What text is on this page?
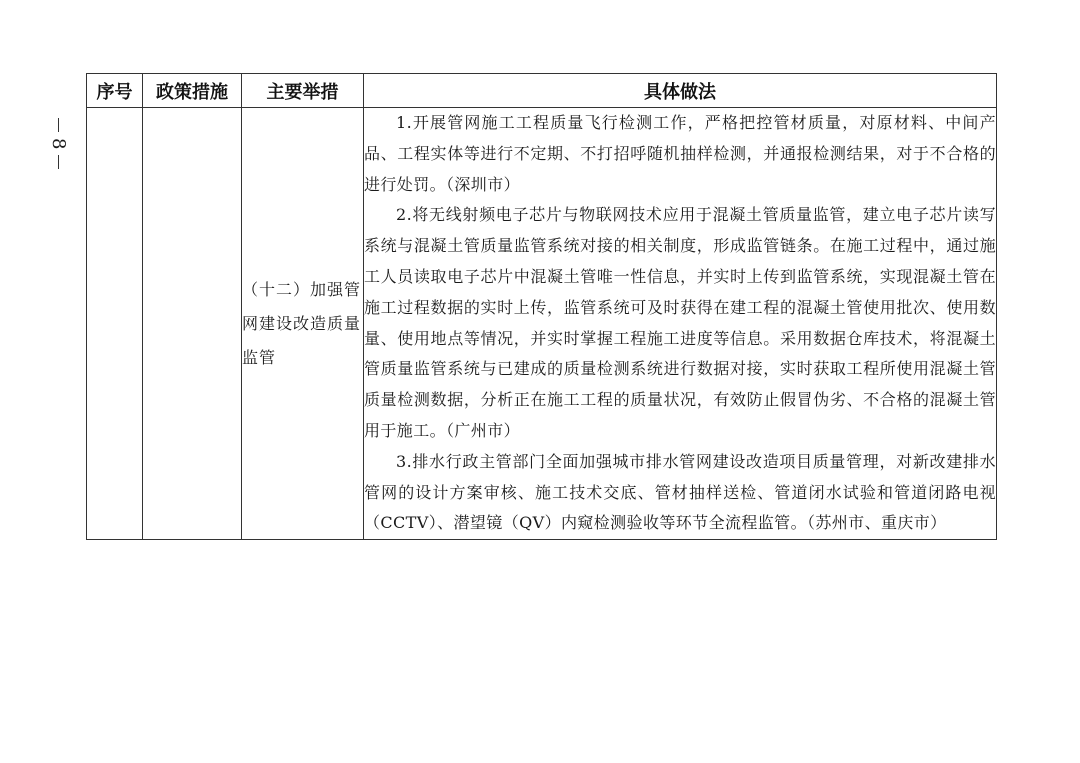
8
序号	政策措施	主要举措	具体做法
		（十二）加强管网建设改造质量监管	1.开展管网施工工程质量飞行检测工作，严格把控管材质量，对原材料、中间产品、工程实体等进行不定期、不打招呼随机抽样检测，并通报检测结果，对于不合格的进行处罚。（深圳市）

2.将无线射频电子芯片与物联网技术应用于混凝土管质量监管，建立电子芯片读写系统与混凝土管质量监管系统对接的相关制度，形成监管链条。在施工过程中，通过施工人员读取电子芯片中混凝土管唯一性信息，并实时上传到监管系统，实现混凝土管在施工过程数据的实时上传，监管系统可及时获得在建工程的混凝土管使用批次、使用数量、使用地点等情况，并实时掌握工程施工进度等信息。采用数据仓库技术，将混凝土管质量监管系统与已建成的质量检测系统进行数据对接，实时获取工程所使用混凝土管质量检测数据，分析正在施工工程的质量状况，有效防止假冒伪劣、不合格的混凝土管用于施工。（广州市）

3.排水行政主管部门全面加强城市排水管网建设改造项目质量管理，对新改建排水管网的设计方案审核、施工技术交底、管材抽样送检、管道闭水试验和管道闭路电视（CCTV）、潜望镜（QV）内窥检测验收等环节全流程监管。（苏州市、重庆市）
